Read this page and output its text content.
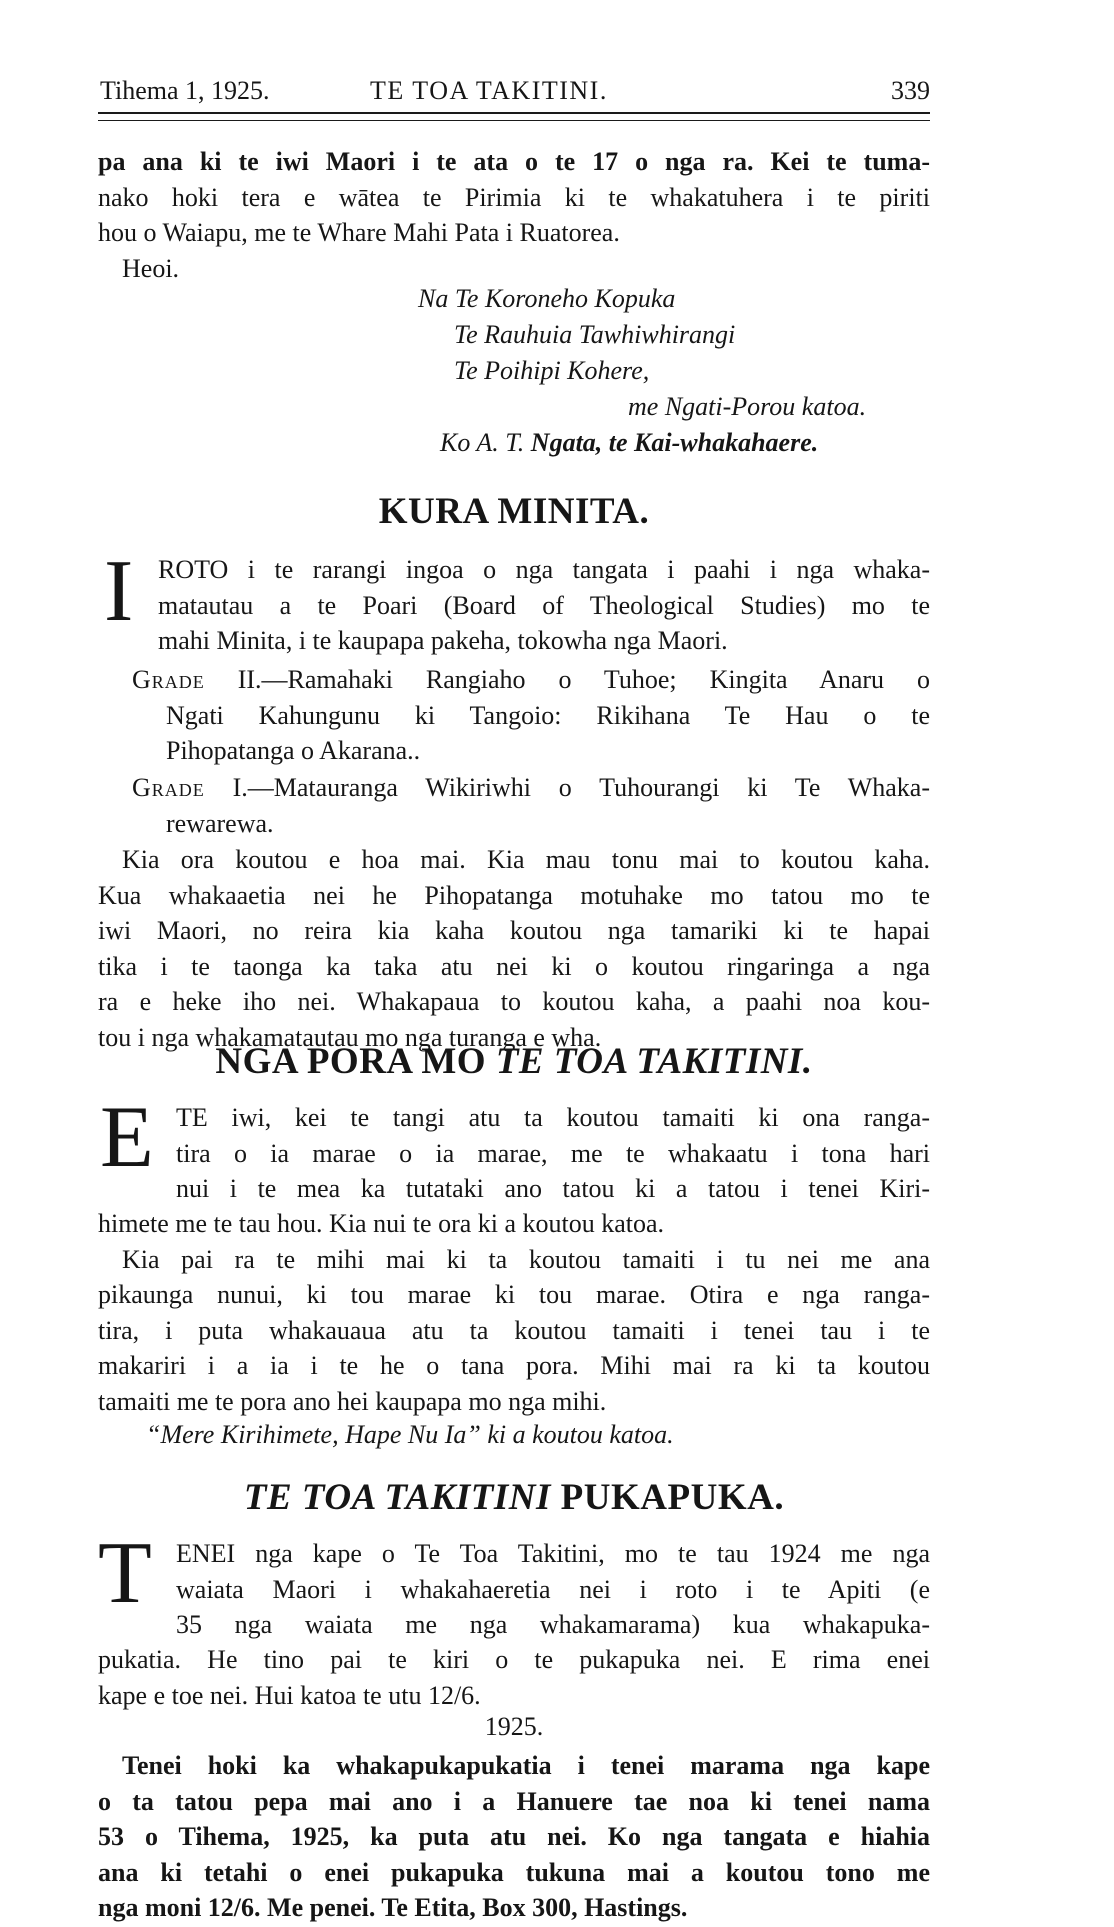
Tihema 1, 1925.	TE TOA TAKITINI.	339
pa ana ki te iwi Maori i te ata o te 17 o nga ra. Kei te tuma-
nako hoki tera e wātea te Pirimia ki te whakatuhera i te piriti
hou o Waiapu, me te Whare Mahi Pata i Ruatorea.
Heoi.
Na Te Koroneho Kopuka
Te Rauhuia Tawhiwhirangi
Te Poihipi Kohere,
me Ngati-Porou katoa.
Ko A. T. Ngata, te Kai-whakahaere.
KURA MINITA.
I ROTO i te rarangi ingoa o nga tangata i paahi i nga whaka-
matautau a te Poari (Board of Theological Studies) mo te
mahi Minita, i te kaupapa pakeha, tokowha nga Maori.
Grade II.—Ramahaki Rangiaho o Tuhoe; Kingita Anaru o
Ngati Kahungunu ki Tangoio: Rikihana Te Hau o te
Pihopatanga o Akarana..
Grade I.—Matauranga Wikiriwhi o Tuhourangi ki Te Whaka-
rewarewa.
Kia ora koutou e hoa mai. Kia mau tonu mai to koutou kaha.
Kua whakaaetia nei he Pihopatanga motuhake mo tatou mo te
iwi Maori, no reira kia kaha koutou nga tamariki ki te hapai
tika i te taonga ka taka atu nei ki o koutou ringaringa a nga
ra e heke iho nei. Whakapaua to koutou kaha, a paahi noa kou-
tou i nga whakamatautau mo nga turanga e wha.
NGA PORA MO TE TOA TAKITINI.
E TE iwi, kei te tangi atu ta koutou tamaiti ki ona ranga-
tira o ia marae o ia marae, me te whakaatu i tona hari
nui i te mea ka tutataki ano tatou ki a tatou i tenei Kiri-
himete me te tau hou. Kia nui te ora ki a koutou katoa.
Kia pai ra te mihi mai ki ta koutou tamaiti i tu nei me ana
pikaunga nunui, ki tou marae ki tou marae. Otira e nga ranga-
tira, i puta whakauaua atu ta koutou tamaiti i tenei tau i te
makariri i a ia i te he o tana pora. Mihi mai ra ki ta koutou
tamaiti me te pora ano hei kaupapa mo nga mihi.
“Mere Kirihimete, Hape Nu Ia” ki a koutou katoa.
TE TOA TAKITINI PUKAPUKA.
T ENEI nga kape o Te Toa Takitini, mo te tau 1924 me nga
waiata Maori i whakahaeretia nei i roto i te Apiti (e
35 nga waiata me nga whakamarama) kua whakapuka-
pukatia. He tino pai te kiri o te pukapuka nei. E rima enei
kape e toe nei. Hui katoa te utu 12/6.
1925.
Tenei hoki ka whakapukapukatia i tenei marama nga kape
o ta tatou pepa mai ano i a Hanuere tae noa ki tenei nama
53 o Tihema, 1925, ka puta atu nei. Ko nga tangata e hiahia
ana ki tetahi o enei pukapuka tukuna mai a koutou tono me
nga moni 12/6. Me penei. Te Etita, Box 300, Hastings.
